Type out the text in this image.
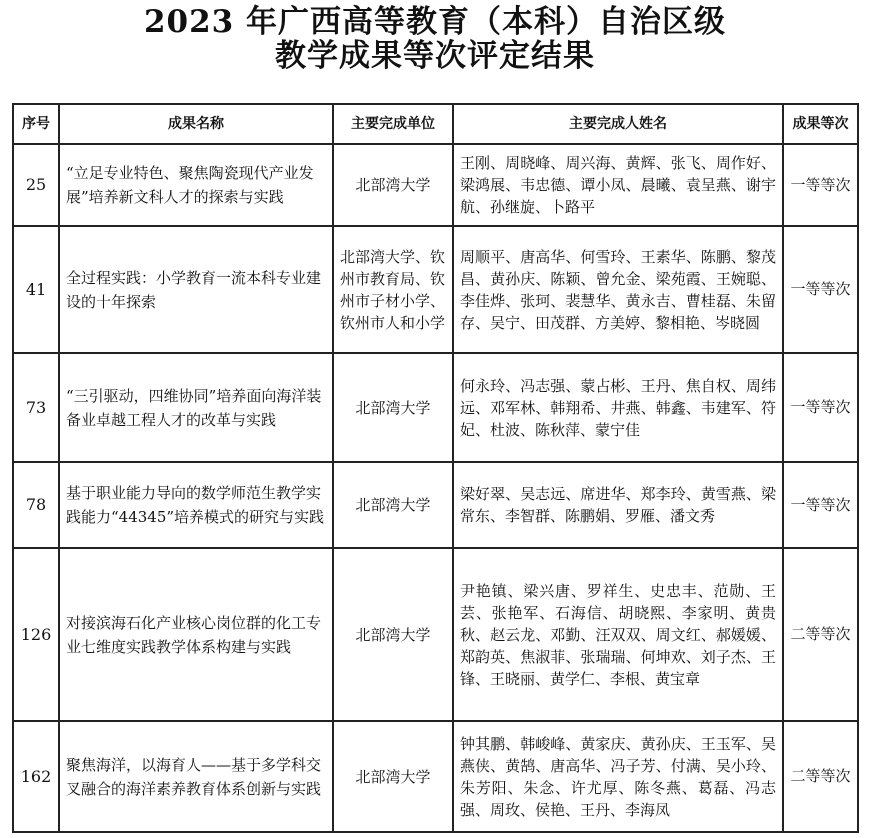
2023 年广西高等教育（本科）自治区级
教学成果等次评定结果
序号	成果名称	主要完成单位	主要完成人姓名	成果等次
25	“立足专业特色、聚焦陶瓷现代产业发展”培养新文科人才的探索与实践	北部湾大学	王刚、周晓峰、周兴海、黄辉、张飞、周作好、梁鸿展、韦忠德、谭小凤、晨曦、袁呈燕、谢宇航、孙继旋、卜路平	一等等次
41	全过程实践：小学教育一流本科专业建设的十年探索	北部湾大学、钦州市教育局、钦州市子材小学、钦州市人和小学	周顺平、唐高华、何雪玲、王素华、陈鹏、黎茂昌、黄孙庆、陈颖、曾允金、梁苑霞、王婉聪、李佳烨、张珂、裴慧华、黄永吉、曹桂磊、朱留存、吴宁、田茂群、方美婷、黎相艳、岑晓圆	一等等次
73	“三引驱动，四维协同”培养面向海洋装备业卓越工程人才的改革与实践	北部湾大学	何永玲、冯志强、蒙占彬、王丹、焦自权、周纬远、邓军林、韩翔希、井燕、韩鑫、韦建军、符妃、杜波、陈秋萍、蒙宁佳	一等等次
78	基于职业能力导向的数学师范生教学实践能力“44345”培养模式的研究与实践	北部湾大学	梁好翠、吴志远、席进华、郑李玲、黄雪燕、梁常东、李智群、陈鹏娟、罗雁、潘文秀	一等等次
126	对接滨海石化产业核心岗位群的化工专业七维度实践教学体系构建与实践	北部湾大学	尹艳镇、梁兴唐、罗祥生、史忠丰、范勋、王芸、张艳军、石海信、胡晓熙、李家明、黄贵秋、赵云龙、邓勤、汪双双、周文红、郝媛媛、郑韵英、焦淑菲、张瑞瑞、何坤欢、刘子杰、王锋、王晓丽、黄学仁、李根、黄宝章	二等等次
162	聚焦海洋，以海育人——基于多学科交叉融合的海洋素养教育体系创新与实践	北部湾大学	钟其鹏、韩峻峰、黄家庆、黄孙庆、王玉军、吴燕侠、黄鹄、唐高华、冯子芳、付满、吴小玲、朱芳阳、朱念、许尤厚、陈冬燕、葛磊、冯志强、周玫、侯艳、王丹、李海凤	二等等次
